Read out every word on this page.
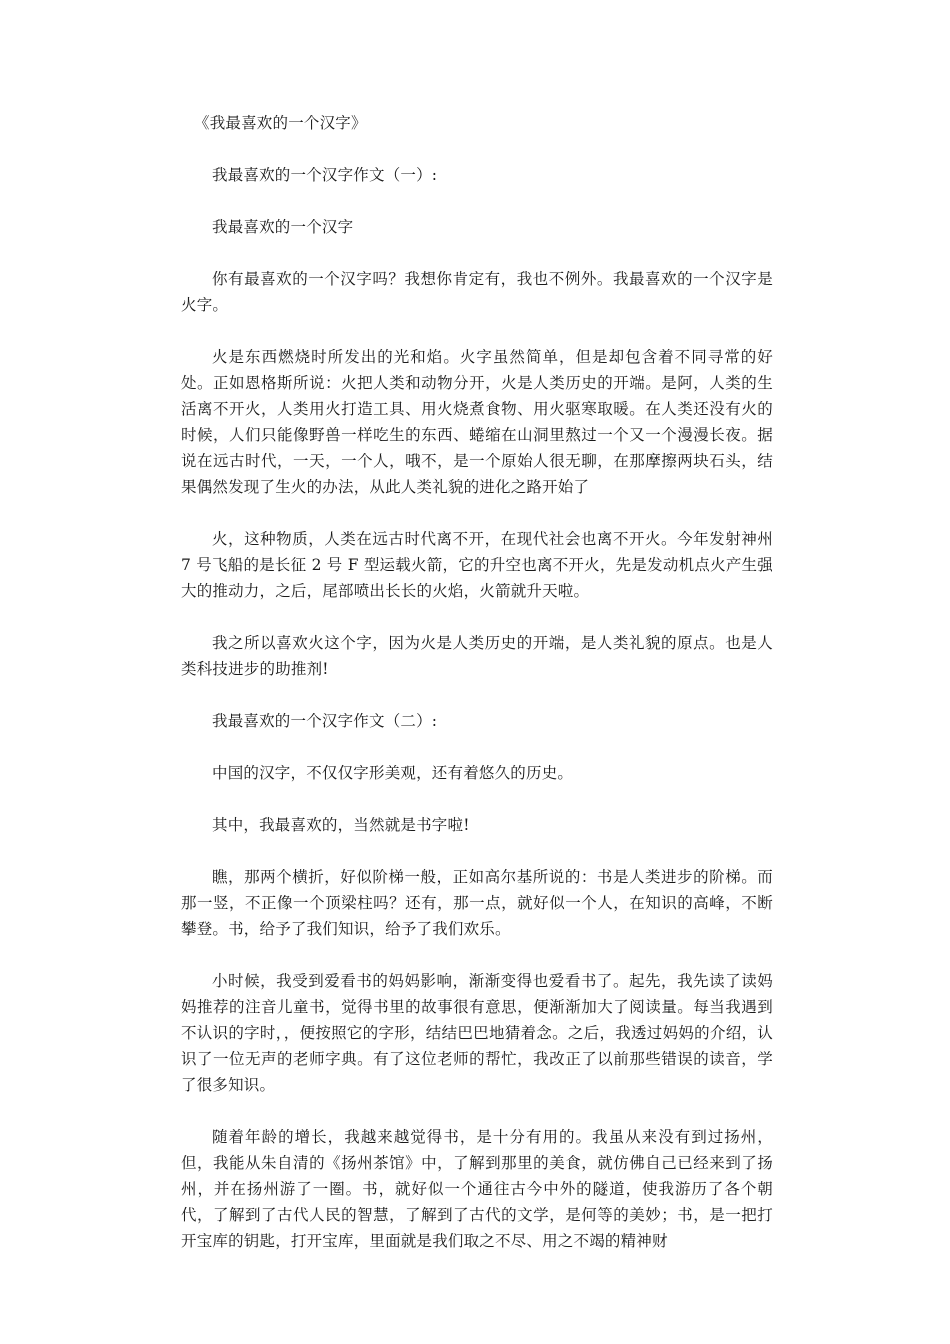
《我最喜欢的一个汉字》

我最喜欢的一个汉字作文（一）:

我最喜欢的一个汉字

你有最喜欢的一个汉字吗？我想你肯定有，我也不例外。我最喜欢的一个汉字是火字。

火是东西燃烧时所发出的光和焰。火字虽然简单，但是却包含着不同寻常的好处。正如恩格斯所说：火把人类和动物分开，火是人类历史的开端。是阿，人类的生活离不开火，人类用火打造工具、用火烧煮食物、用火驱寒取暖。在人类还没有火的时候，人们只能像野兽一样吃生的东西、蜷缩在山洞里熬过一个又一个漫漫长夜。据说在远古时代，一天，一个人，哦不，是一个原始人很无聊，在那摩擦两块石头，结果偶然发现了生火的办法，从此人类礼貌的进化之路开始了

火，这种物质，人类在远古时代离不开，在现代社会也离不开火。今年发射神州 7 号飞船的是长征 2 号 F 型运载火箭，它的升空也离不开火，先是发动机点火产生强大的推动力，之后，尾部喷出长长的火焰，火箭就升天啦。

我之所以喜欢火这个字，因为火是人类历史的开端，是人类礼貌的原点。也是人类科技进步的助推剂!

我最喜欢的一个汉字作文（二）:

中国的汉字，不仅仅字形美观，还有着悠久的历史。

其中，我最喜欢的，当然就是书字啦!

瞧，那两个横折，好似阶梯一般，正如高尔基所说的：书是人类进步的阶梯。而那一竖，不正像一个顶梁柱吗？还有，那一点，就好似一个人，在知识的高峰，不断攀登。书，给予了我们知识，给予了我们欢乐。

小时候，我受到爱看书的妈妈影响，渐渐变得也爱看书了。起先，我先读了读妈妈推荐的注音儿童书，觉得书里的故事很有意思，便渐渐加大了阅读量。每当我遇到不认识的字时，，便按照它的字形，结结巴巴地猜着念。之后，我透过妈妈的介绍，认识了一位无声的老师字典。有了这位老师的帮忙，我改正了以前那些错误的读音，学了很多知识。

随着年龄的增长，我越来越觉得书，是十分有用的。我虽从来没有到过扬州，但，我能从朱自清的《扬州茶馆》中，了解到那里的美食，就仿佛自己已经来到了扬州，并在扬州游了一圈。书，就好似一个通往古今中外的隧道，使我游历了各个朝代，了解到了古代人民的智慧，了解到了古代的文学，是何等的美妙；书，是一把打开宝库的钥匙，打开宝库，里面就是我们取之不尽、用之不竭的精神财
